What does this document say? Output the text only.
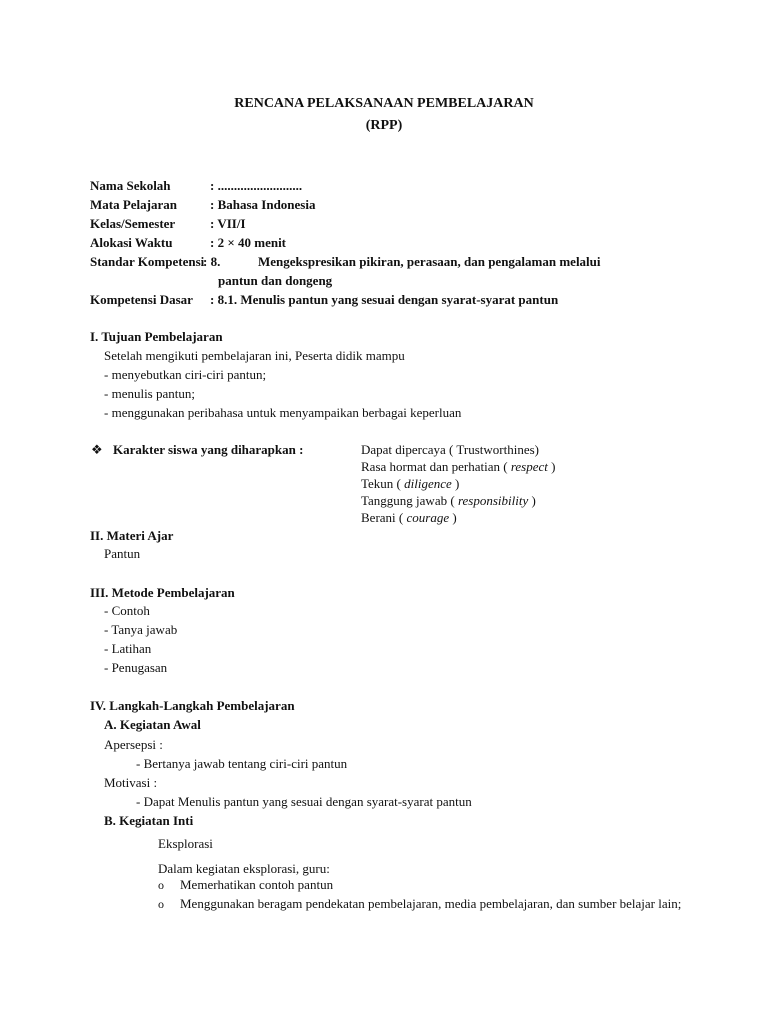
RENCANA PELAKSANAAN PEMBELAJARAN
(RPP)
Nama Sekolah	: ..........................
Mata Pelajaran	: Bahasa Indonesia
Kelas/Semester	: VII/I
Alokasi Waktu	: 2 × 40 menit
Standar Kompetensi
: 8.	Mengekspresikan pikiran, perasaan, dan pengalaman melalui
pantun dan dongeng
Kompetensi Dasar : 8.1. Menulis pantun yang sesuai dengan syarat-syarat pantun
I. Tujuan Pembelajaran
Setelah mengikuti pembelajaran ini, Peserta didik mampu
- menyebutkan ciri-ciri pantun;
- menulis pantun;
- menggunakan peribahasa untuk menyampaikan berbagai keperluan
❖ Karakter siswa yang diharapkan :	Dapat dipercaya ( Trustworthines)
Rasa hormat dan perhatian ( respect )
Tekun ( diligence )
Tanggung jawab ( responsibility )
Berani ( courage )
II. Materi Ajar
Pantun
III. Metode Pembelajaran
- Contoh
- Tanya jawab
- Latihan
- Penugasan
IV. Langkah-Langkah Pembelajaran
A. Kegiatan Awal
Apersepsi :
- Bertanya jawab tentang ciri-ciri pantun
Motivasi :
- Dapat Menulis pantun yang sesuai dengan syarat-syarat pantun
B. Kegiatan Inti
Eksplorasi
Dalam kegiatan eksplorasi, guru:
o Memerhatikan contoh pantun
o Menggunakan beragam pendekatan pembelajaran, media pembelajaran, dan sumber belajar lain;
